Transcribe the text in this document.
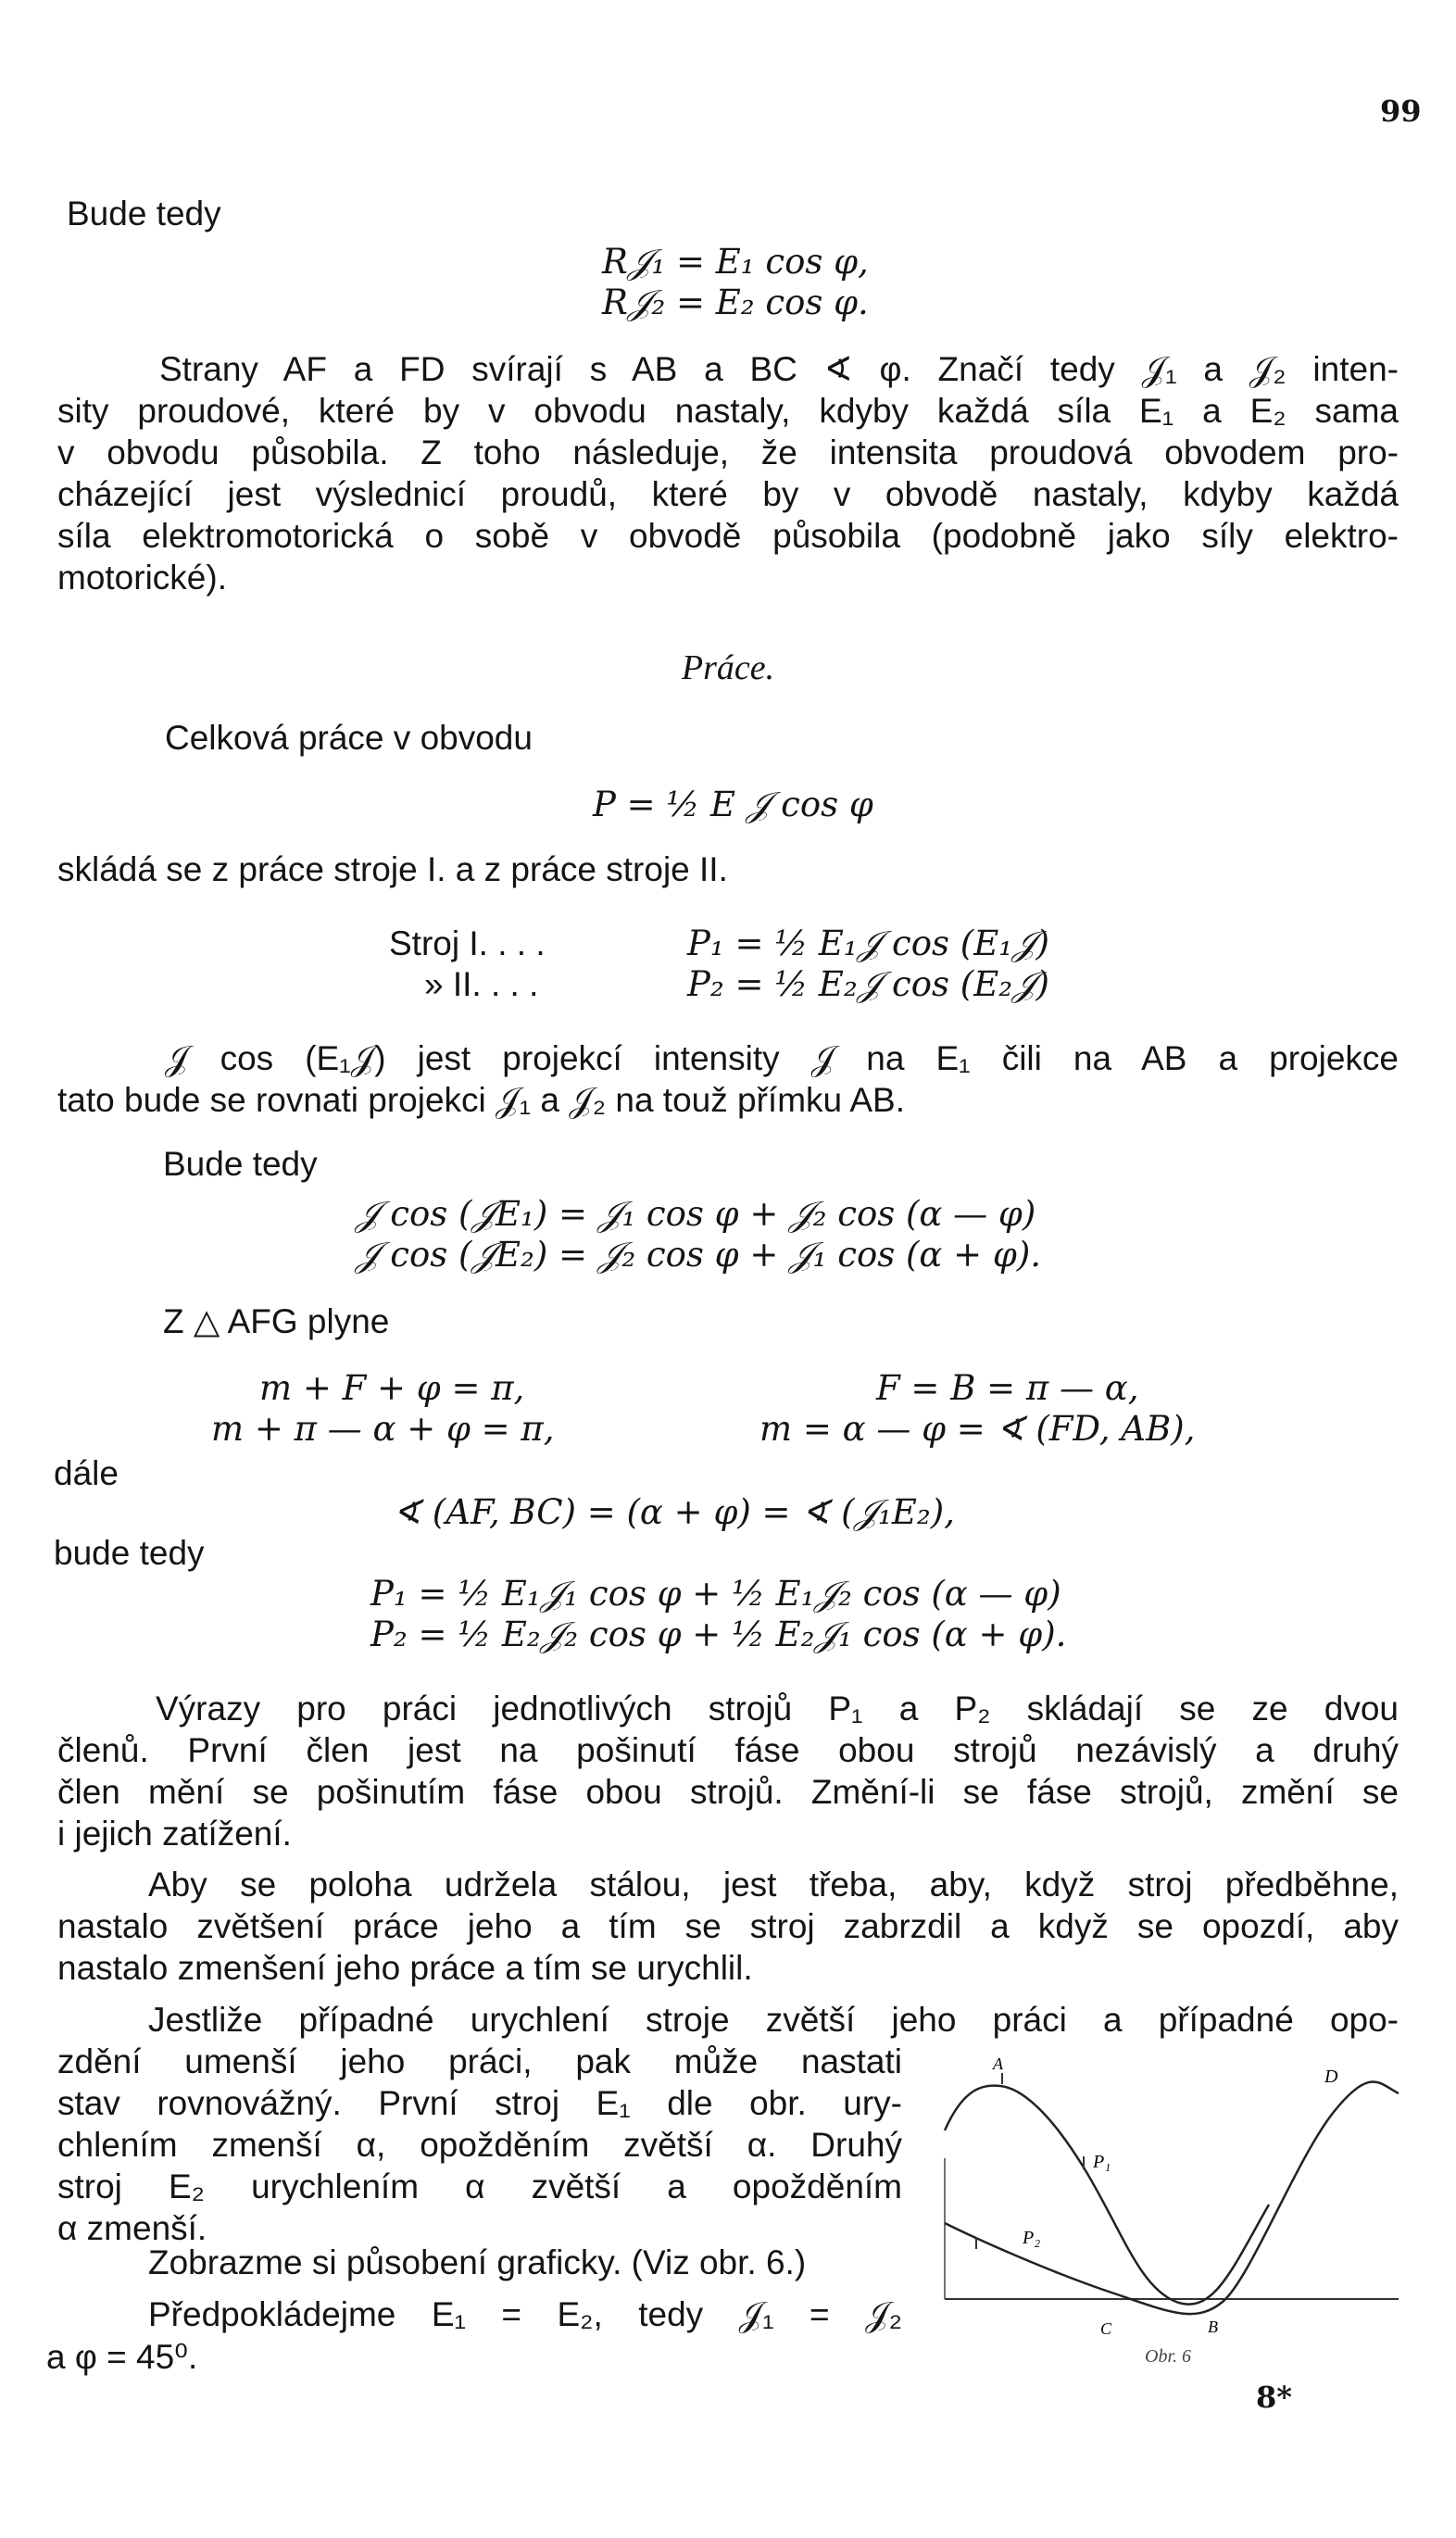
99
Bude tedy
R𝒥₁ = E₁ cos φ,
R𝒥₂ = E₂ cos φ.
Strany AF a FD svírají s AB a BC ∢ φ. Značí tedy 𝒥₁ a 𝒥₂ inten-
sity proudové, které by v obvodu nastaly, kdyby každá síla E₁ a E₂ sama
v obvodu působila. Z toho následuje, že intensita proudová obvodem pro-
cházející jest výslednicí proudů, které by v obvodě nastaly, kdyby každá
síla elektromotorická o sobě v obvodě působila (podobně jako síly elektro-
motorické).
Práce.
Celková práce v obvodu
P = ½ E 𝒥 cos φ
skládá se z práce stroje I. a z práce stroje II.
Stroj I. . . .	P₁ = ½ E₁𝒥 cos (E₁𝒥)
» II. . . .	P₂ = ½ E₂𝒥 cos (E₂𝒥)
𝒥 cos (E₁𝒥) jest projekcí intensity 𝒥 na E₁ čili na AB a projekce
tato bude se rovnati projekci 𝒥₁ a 𝒥₂ na touž přímku AB.
Bude tedy
𝒥 cos (𝒥E₁) = 𝒥₁ cos φ + 𝒥₂ cos (α — φ)
𝒥 cos (𝒥E₂) = 𝒥₂ cos φ + 𝒥₁ cos (α + φ).
Z △ AFG plyne
m + F + φ = π,
m + π — α + φ = π,
F = B = π — α,
m = α — φ = ∢ (FD, AB),
dále
∢ (AF, BC) = (α + φ) = ∢ (𝒥₁E₂),
bude tedy
P₁ = ½ E₁𝒥₁ cos φ + ½ E₁𝒥₂ cos (α — φ)
P₂ = ½ E₂𝒥₂ cos φ + ½ E₂𝒥₁ cos (α + φ).
Výrazy pro práci jednotlivých strojů P₁ a P₂ skládají se ze dvou
členů. První člen jest na pošinutí fáse obou strojů nezávislý a druhý
člen mění se pošinutím fáse obou strojů. Změní-li se fáse strojů, změní se
i jejich zatížení.
Aby se poloha udržela stálou, jest třeba, aby, když stroj předběhne,
nastalo zvětšení práce jeho a tím se stroj zabrzdil a když se opozdí, aby
nastalo zmenšení jeho práce a tím se urychlil.
Jestliže případné urychlení stroje zvětší jeho práci a případné opo-
zdění umenší jeho práci, pak může nastati
stav rovnovážný. První stroj E₁ dle obr. ury-
chlením zmenší α, opožděním zvětší α. Druhý
stroj E₂ urychlením α zvětší a opožděním
α zmenší.
Zobrazme si působení graficky. (Viz obr. 6.)
Předpokládejme E₁ = E₂, tedy 𝒥₁ = 𝒥₂
a φ = 45⁰.
A
D
P₁
P₂
C	B
Obr. 6
8*
